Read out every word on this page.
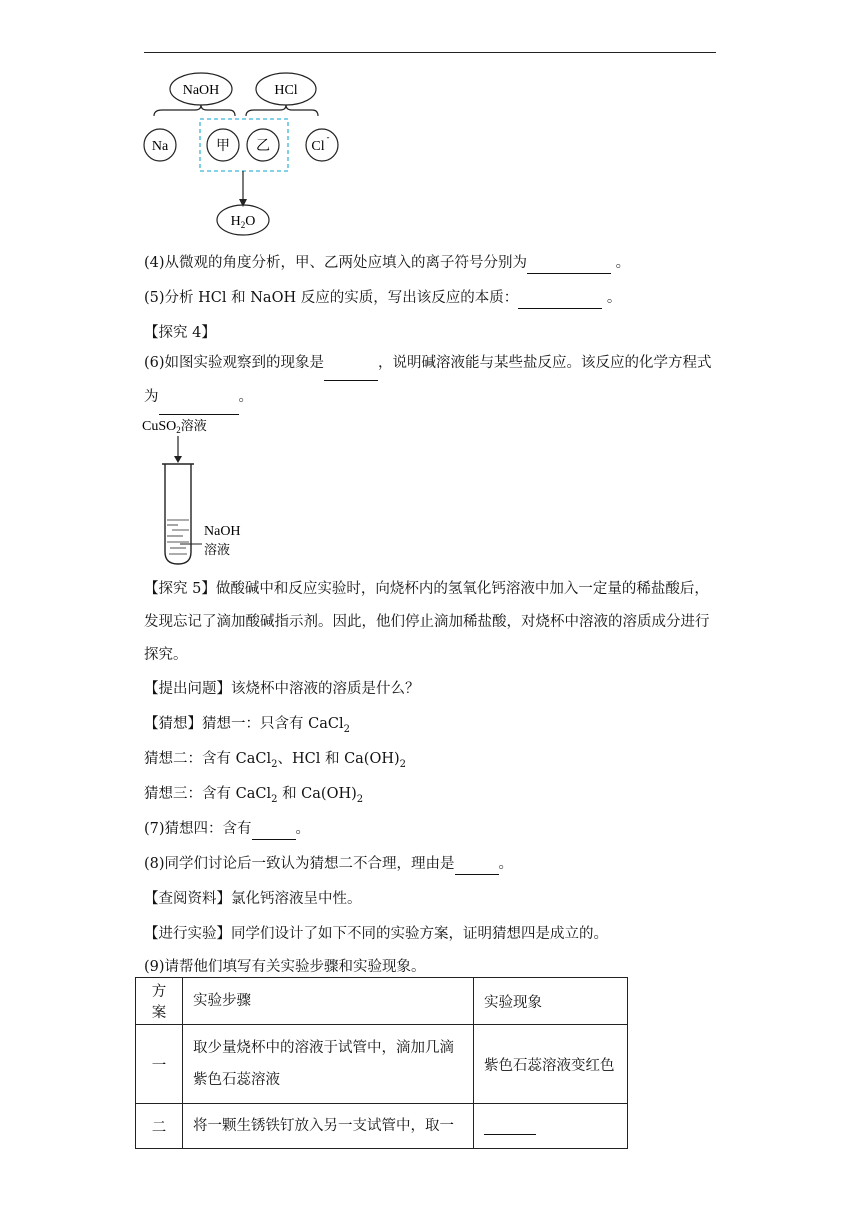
NaOH	HCl
Na	甲 乙	Cl
-
$H_2O$
(4)从微观的角度分析，甲、乙两处应填入的离子符号分别为	。
(5)分析 HCl 和 NaOH 反应的实质，写出该反应的本质：	。
【探究 4】
(6)如图实验观察到的现象是	，说明碱溶液能与某些盐反应。该反应的化学方程式为	。
CuSO$_2$溶液
NaOH
溶液
【探究 5】做酸碱中和反应实验时，向烧杯内的氢氧化钙溶液中加入一定量的稀盐酸后，发现忘记了滴加酸碱指示剂。因此，他们停止滴加稀盐酸，对烧杯中溶液的溶质成分进行探究。
【提出问题】该烧杯中溶液的溶质是什么？
【猜想】猜想一：只含有 CaCl$_2$
猜想二：含有 CaCl$_2$、HCl 和 $Ca(OH)_2$
猜想三：含有 CaCl$_2$ 和 $Ca(OH)_2$
(7)猜想四：含有	。
(8)同学们讨论后一致认为猜想二不合理，理由是	。
【查阅资料】氯化钙溶液呈中性。
【进行实验】同学们设计了如下不同的实验方案，证明猜想四是成立的。
(9)请帮他们填写有关实验步骤和实验现象。
方案	实验步骤	实验现象
一	取少量烧杯中的溶液于试管中，滴加几滴紫色石蕊溶液	紫色石蕊溶液变红色
二	将一颗生锈铁钉放入另一支试管中，取一	
